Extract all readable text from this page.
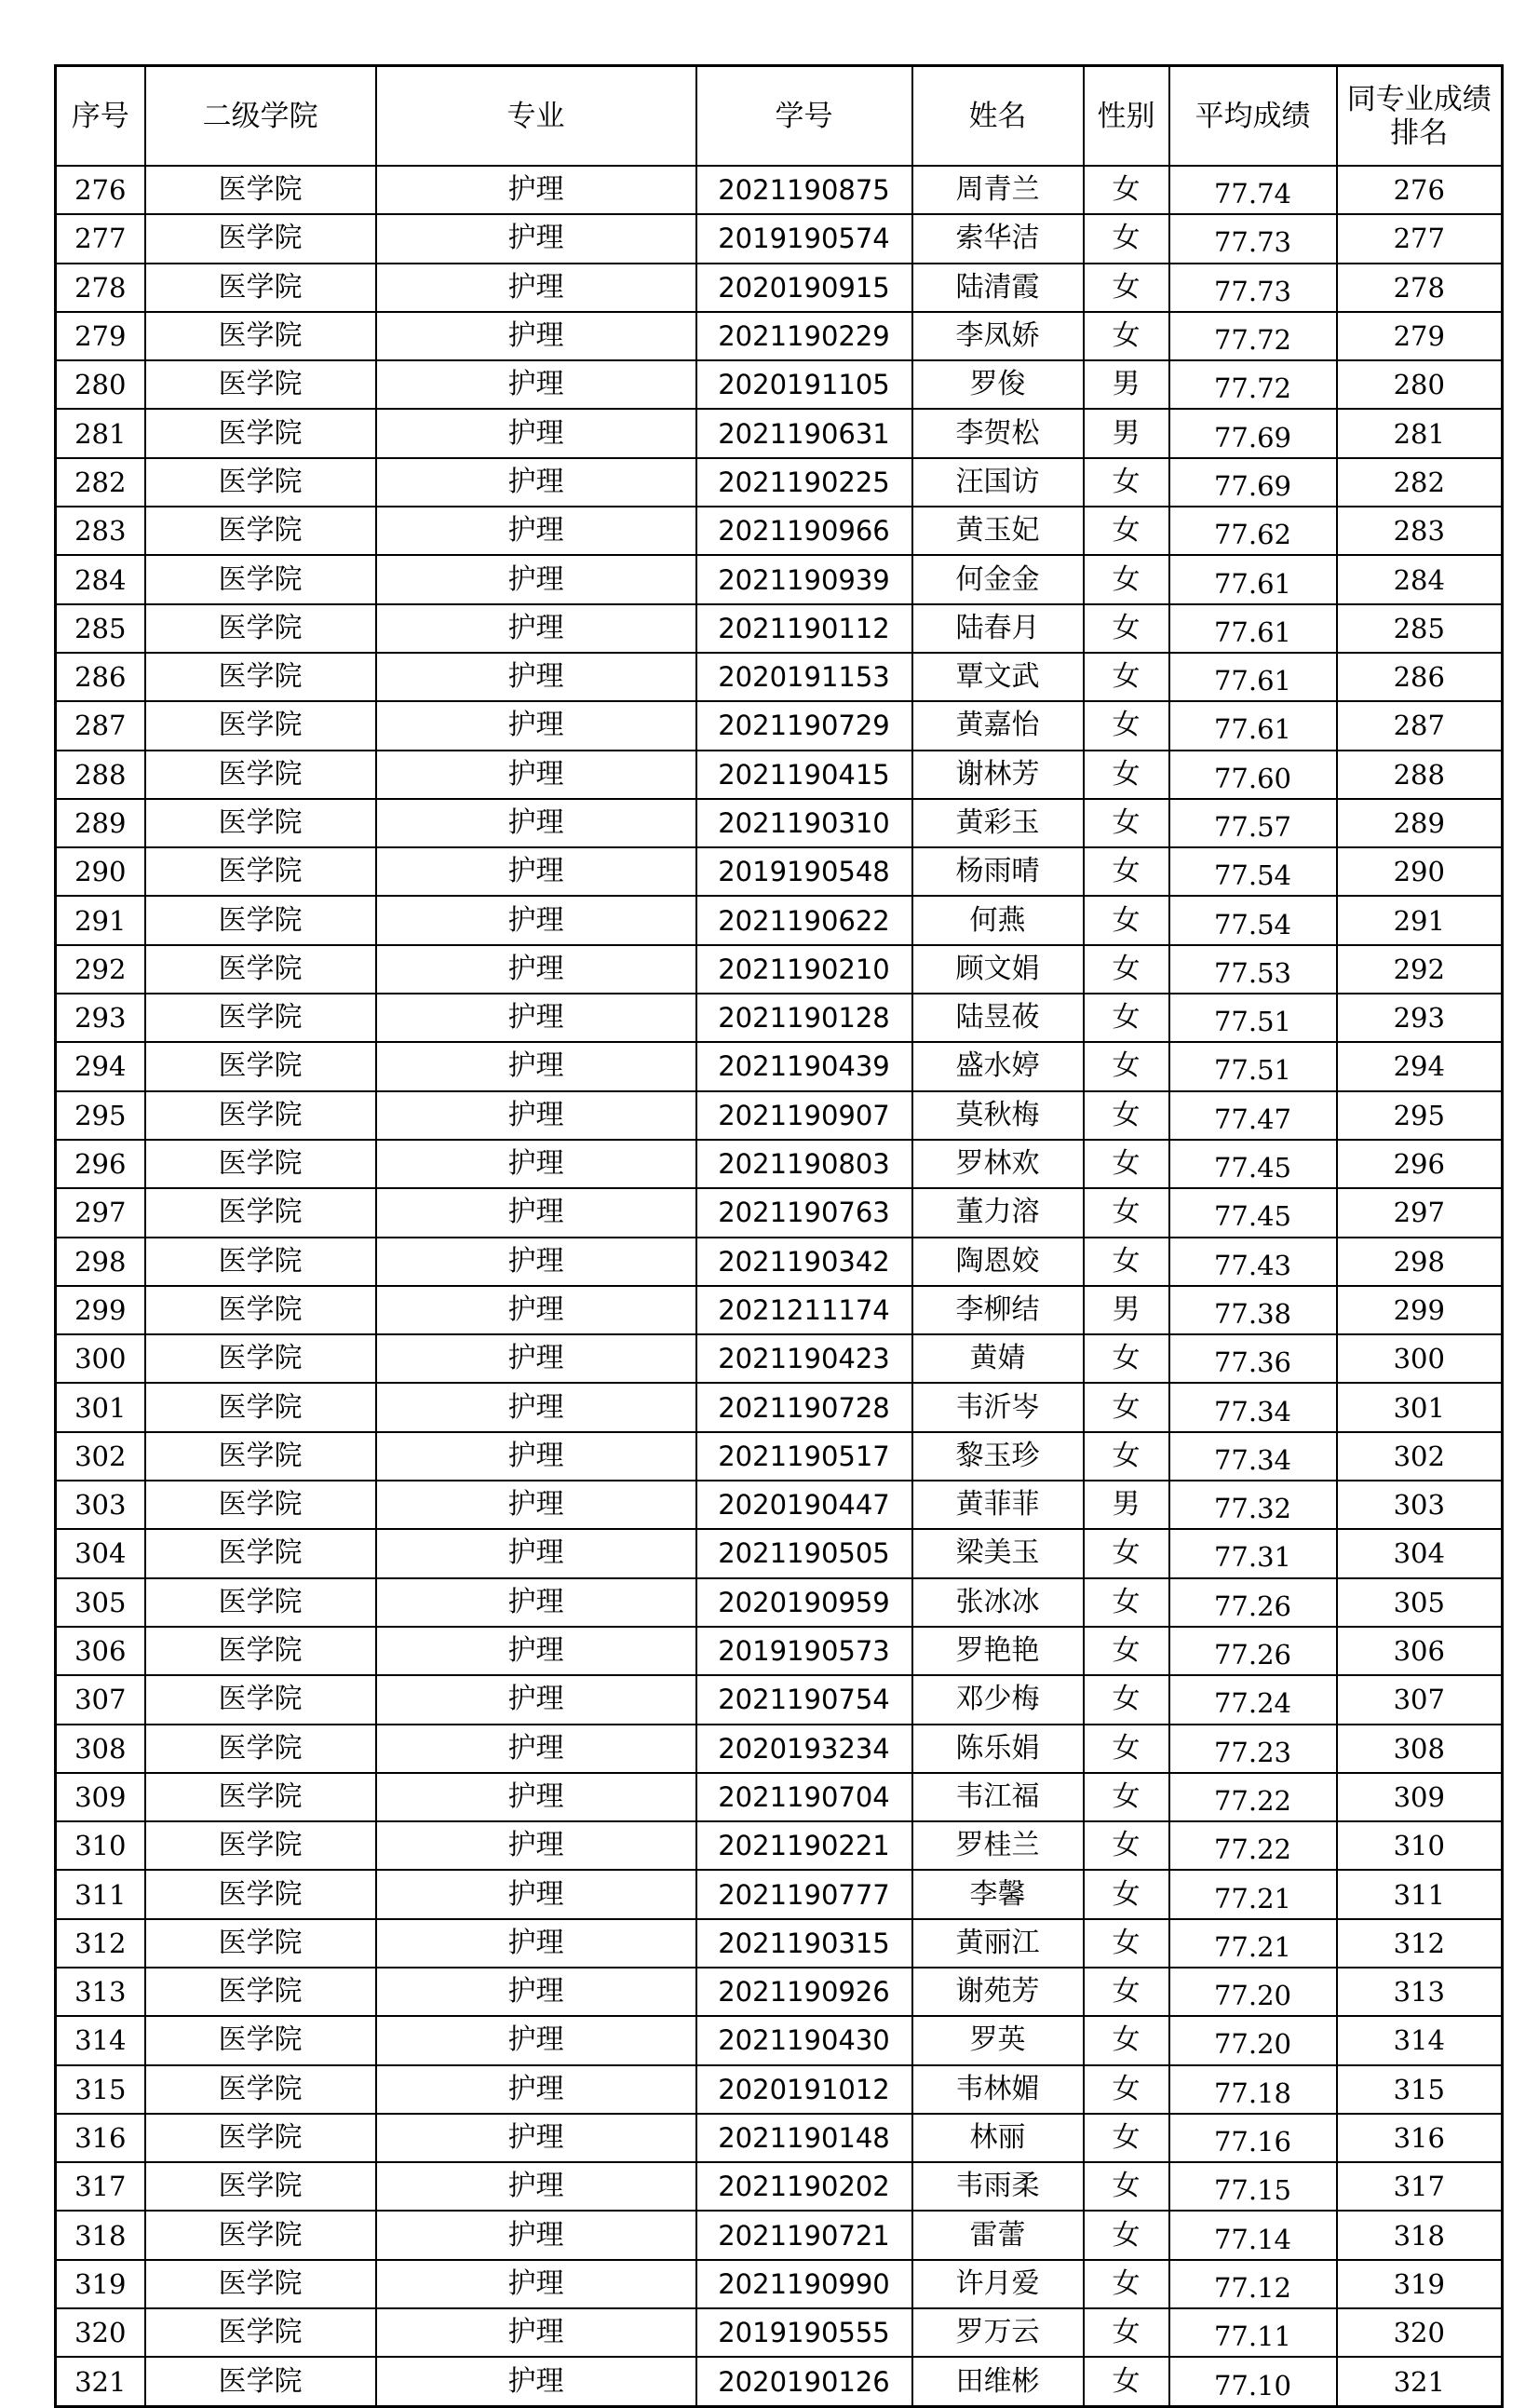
序号	二级学院	专业	学号	姓名	性别	平均成绩	同专业成绩排名
276	医学院	护理	2021190875	周青兰	女	77.74	276
277	医学院	护理	2019190574	索华洁	女	77.73	277
278	医学院	护理	2020190915	陆清霞	女	77.73	278
279	医学院	护理	2021190229	李凤娇	女	77.72	279
280	医学院	护理	2020191105	罗俊	男	77.72	280
281	医学院	护理	2021190631	李贺松	男	77.69	281
282	医学院	护理	2021190225	汪国访	女	77.69	282
283	医学院	护理	2021190966	黄玉妃	女	77.62	283
284	医学院	护理	2021190939	何金金	女	77.61	284
285	医学院	护理	2021190112	陆春月	女	77.61	285
286	医学院	护理	2020191153	覃文武	女	77.61	286
287	医学院	护理	2021190729	黄嘉怡	女	77.61	287
288	医学院	护理	2021190415	谢林芳	女	77.60	288
289	医学院	护理	2021190310	黄彩玉	女	77.57	289
290	医学院	护理	2019190548	杨雨晴	女	77.54	290
291	医学院	护理	2021190622	何燕	女	77.54	291
292	医学院	护理	2021190210	顾文娟	女	77.53	292
293	医学院	护理	2021190128	陆昱莜	女	77.51	293
294	医学院	护理	2021190439	盛水婷	女	77.51	294
295	医学院	护理	2021190907	莫秋梅	女	77.47	295
296	医学院	护理	2021190803	罗林欢	女	77.45	296
297	医学院	护理	2021190763	董力溶	女	77.45	297
298	医学院	护理	2021190342	陶恩姣	女	77.43	298
299	医学院	护理	2021211174	李柳结	男	77.38	299
300	医学院	护理	2021190423	黄婧	女	77.36	300
301	医学院	护理	2021190728	韦沂岑	女	77.34	301
302	医学院	护理	2021190517	黎玉珍	女	77.34	302
303	医学院	护理	2020190447	黄菲菲	男	77.32	303
304	医学院	护理	2021190505	梁美玉	女	77.31	304
305	医学院	护理	2020190959	张冰冰	女	77.26	305
306	医学院	护理	2019190573	罗艳艳	女	77.26	306
307	医学院	护理	2021190754	邓少梅	女	77.24	307
308	医学院	护理	2020193234	陈乐娟	女	77.23	308
309	医学院	护理	2021190704	韦江福	女	77.22	309
310	医学院	护理	2021190221	罗桂兰	女	77.22	310
311	医学院	护理	2021190777	李馨	女	77.21	311
312	医学院	护理	2021190315	黄丽江	女	77.21	312
313	医学院	护理	2021190926	谢苑芳	女	77.20	313
314	医学院	护理	2021190430	罗英	女	77.20	314
315	医学院	护理	2020191012	韦林媚	女	77.18	315
316	医学院	护理	2021190148	林丽	女	77.16	316
317	医学院	护理	2021190202	韦雨柔	女	77.15	317
318	医学院	护理	2021190721	雷蕾	女	77.14	318
319	医学院	护理	2021190990	许月爱	女	77.12	319
320	医学院	护理	2019190555	罗万云	女	77.11	320
321	医学院	护理	2020190126	田维彬	女	77.10	321
